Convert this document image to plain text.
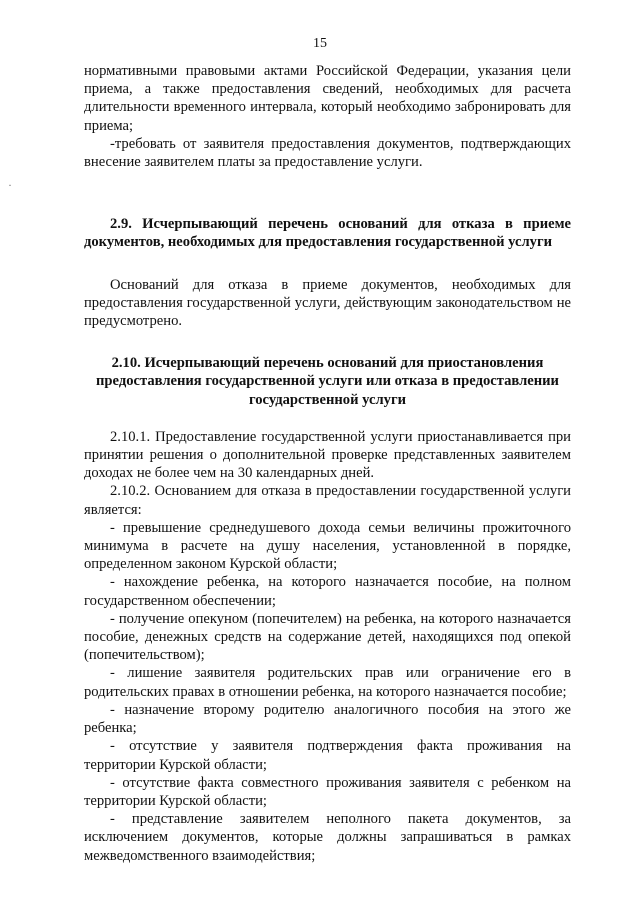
15
·

нормативными правовыми актами Российской Федерации, указания цели приема, а также предоставления сведений, необходимых для расчета длительности временного интервала, который необходимо забронировать для приема;

-требовать от заявителя предоставления документов, подтверждающих внесение заявителем платы за предоставление услуги.

2.9. Исчерпывающий перечень оснований для отказа в приеме документов, необходимых для предоставления государственной услуги

Оснований для отказа в приеме документов, необходимых для предоставления государственной услуги, действующим законодательством не предусмотрено.

2.10. Исчерпывающий перечень оснований для приостановления предоставления государственной услуги или отказа в предоставлении государственной услуги

2.10.1. Предоставление государственной услуги приостанавливается при принятии решения о дополнительной проверке представленных заявителем доходах не более чем на 30 календарных дней.

2.10.2. Основанием для отказа в предоставлении государственной услуги является:

- превышение среднедушевого дохода семьи величины прожиточного минимума в расчете на душу населения, установленной в порядке, определенном законом Курской области;

- нахождение ребенка, на которого назначается пособие, на полном государственном обеспечении;

- получение опекуном (попечителем) на ребенка, на которого назначается пособие, денежных средств на содержание детей, находящихся под опекой (попечительством);

- лишение заявителя родительских прав или ограничение его в родительских правах в отношении ребенка, на которого назначается пособие;

- назначение второму родителю аналогичного пособия на этого же ребенка;

- отсутствие у заявителя подтверждения факта проживания на территории Курской области;

- отсутствие факта совместного проживания заявителя с ребенком на территории Курской области;

- представление заявителем неполного пакета документов, за исключением документов, которые должны запрашиваться в рамках межведомственного взаимодействия;
